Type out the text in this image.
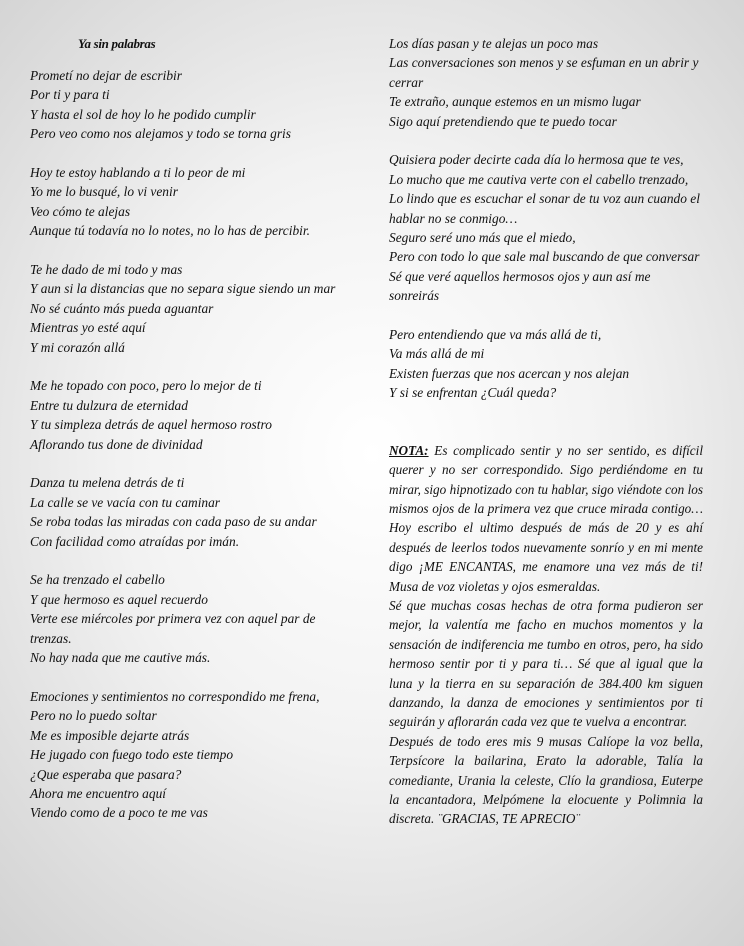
Ya sin palabras
Prometí no dejar de escribir
Por ti y para ti
Y hasta el sol de hoy lo he podido cumplir
Pero veo como nos alejamos y todo se torna gris
Hoy te estoy hablando a ti lo peor de mi
Yo me lo busqué, lo vi venir
Veo cómo te alejas
Aunque tú todavía no lo notes, no lo has de percibir.
Te he dado de mi todo y mas
Y aun si la distancias que no separa sigue siendo un mar
No sé cuánto más pueda aguantar
Mientras yo esté aquí
Y mi corazón allá
Me he topado con poco, pero lo mejor de ti
Entre tu dulzura de eternidad
Y tu simpleza detrás de aquel hermoso rostro
Aflorando tus done de divinidad
Danza tu melena detrás de ti
La calle se ve vacía con tu caminar
Se roba todas las miradas con cada paso de su andar
Con facilidad como atraídas por imán.
Se ha trenzado el cabello
Y que hermoso es aquel recuerdo
Verte ese miércoles por primera vez con aquel par de trenzas.
No hay nada que me cautive más.
Emociones y sentimientos no correspondido me frena,
Pero no lo puedo soltar
Me es imposible dejarte atrás
He jugado con fuego todo este tiempo
¿Que esperaba que pasara?
Ahora me encuentro aquí
Viendo como de a poco te me vas
Los días pasan y te alejas un poco mas
Las conversaciones son menos y se esfuman en un abrir y cerrar
Te extraño, aunque estemos en un mismo lugar
Sigo aquí pretendiendo que te puedo tocar
Quisiera poder decirte cada día lo hermosa que te ves,
Lo mucho que me cautiva verte con el cabello trenzado,
Lo lindo que es escuchar el sonar de tu voz aun cuando el hablar no se conmigo…
Seguro seré uno más que el miedo,
Pero con todo lo que sale mal buscando de que conversar
Sé que veré aquellos hermosos ojos y aun así me sonreirás
Pero entendiendo que va más allá de ti,
Va más allá de mi
Existen fuerzas que nos acercan y nos alejan
Y si se enfrentan ¿Cuál queda?

NOTA: Es complicado sentir y no ser sentido, es difícil querer y no ser correspondido. Sigo perdiéndome en tu mirar, sigo hipnotizado con tu hablar, sigo viéndote con los mismos ojos de la primera vez que cruce mirada contigo… Hoy escribo el ultimo después de más de 20 y es ahí después de leerlos todos nuevamente sonrío y en mi mente digo ¡ME ENCANTAS, me enamore una vez más de ti! Musa de voz violetas y ojos esmeraldas.

Sé que muchas cosas hechas de otra forma pudieron ser mejor, la valentía me facho en muchos momentos y la sensación de indiferencia me tumbo en otros, pero, ha sido hermoso sentir por ti y para ti… Sé que al igual que la luna y la tierra en su separación de 384.400 km siguen danzando, la danza de emociones y sentimientos por ti seguirán y aflorarán cada vez que te vuelva a encontrar.

Después de todo eres mis 9 musas Calíope la voz bella, Terpsícore la bailarina, Erato la adorable, Talía la comediante, Urania la celeste, Clío la grandiosa, Euterpe la encantadora, Melpómene la elocuente y Polimnia la discreta. ¨GRACIAS, TE APRECIO¨
